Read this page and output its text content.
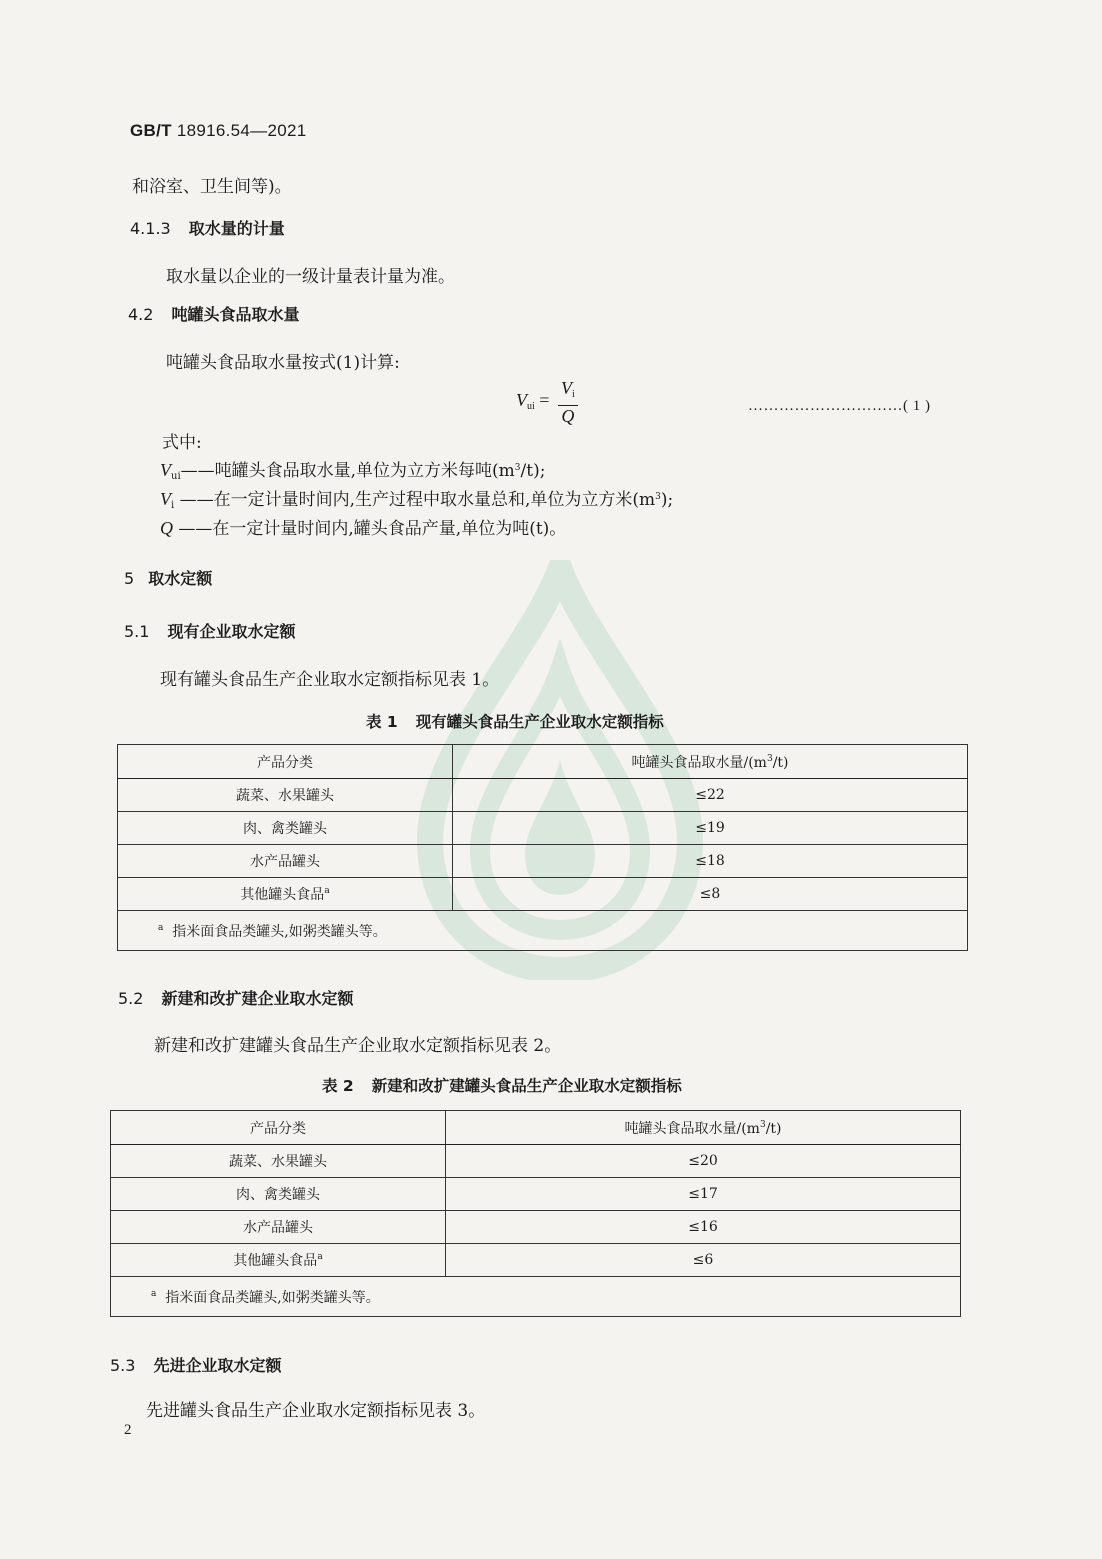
GB/T 18916.54—2021
和浴室、卫生间等)。
4.1.3 取水量的计量
取水量以企业的一级计量表计量为准。
4.2 吨罐头食品取水量
吨罐头食品取水量按式(1)计算:
$V_{ui} = \frac{V_i}{Q}$	…………………………( 1 )
式中:
$V_{ui}——$吨罐头食品取水量,单位为立方米每吨$(m^3/t)$;
$V_i$ ——在一定计量时间内,生产过程中取水量总和,单位为立方米$(m^3)$;
Q ——在一定计量时间内,罐头食品产量,单位为吨(t)。
5 取水定额
5.1 现有企业取水定额
现有罐头食品生产企业取水定额指标见表 1。
表 1 现有罐头食品生产企业取水定额指标
产品分类	吨罐头食品取水量$/(m^3/t)$
蔬菜、水果罐头	≤22
肉、禽类罐头	≤19
水产品罐头	≤18
其他罐头食品$^a$	≤8
$^a$ 指米面食品类罐头,如粥类罐头等。	
5.2 新建和改扩建企业取水定额
新建和改扩建罐头食品生产企业取水定额指标见表 2。
表 2 新建和改扩建罐头食品生产企业取水定额指标
产品分类	吨罐头食品取水量$/(m^3/t)$
蔬菜、水果罐头	≤20
肉、禽类罐头	≤17
水产品罐头	≤16
其他罐头食品$^a$	≤6
$^a$ 指米面食品类罐头,如粥类罐头等。	
5.3 先进企业取水定额
先进罐头食品生产企业取水定额指标见表 3。
2
